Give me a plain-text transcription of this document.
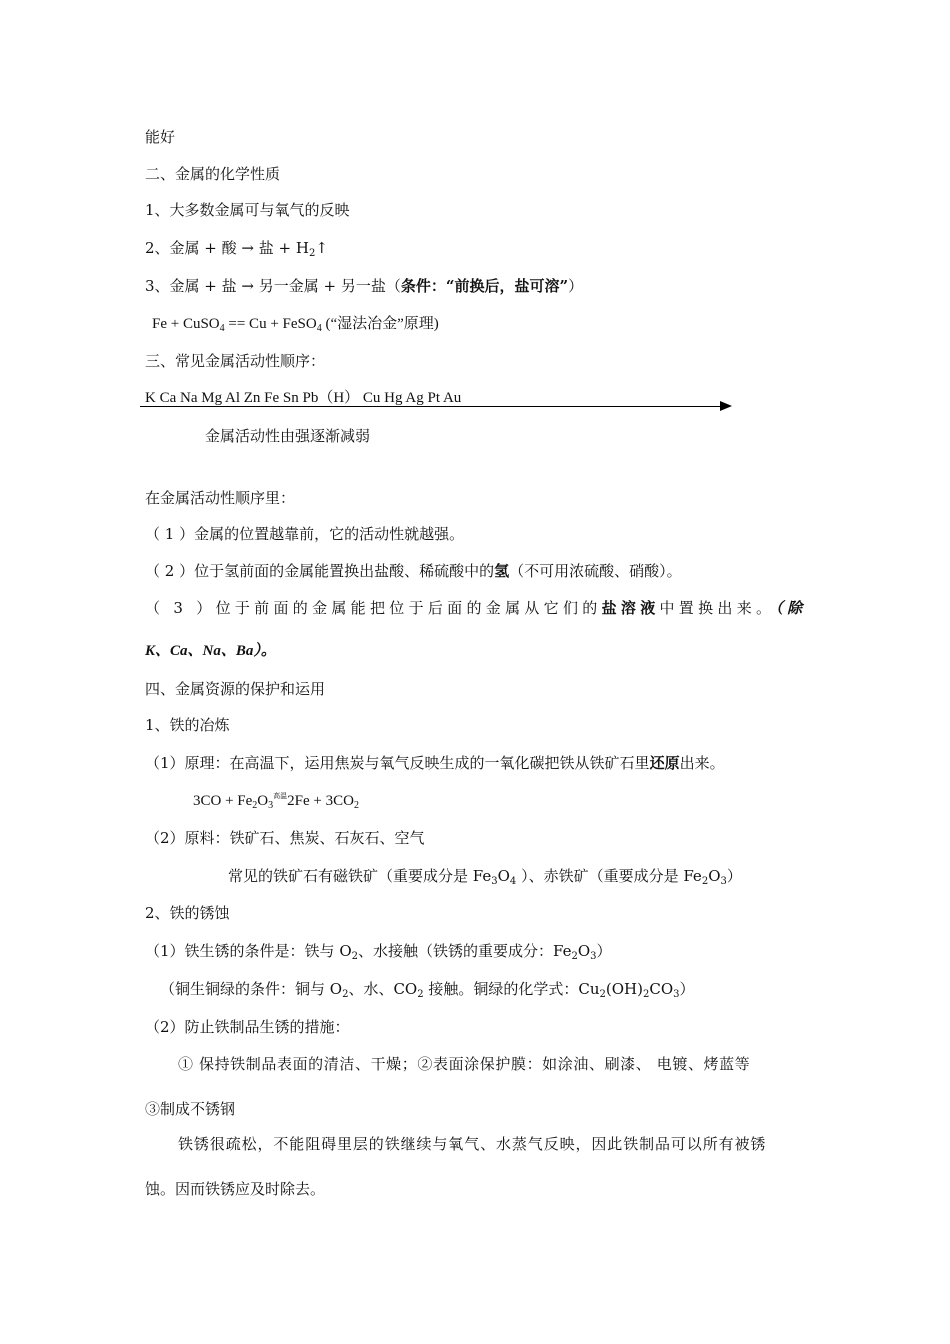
能好
二、金属的化学性质
1、大多数金属可与氧气的反映
2、金属 + 酸 → 盐 + $H_2↑$
3、金属 + 盐 → 另一金属 + 另一盐（条件：“前换后，盐可溶”）
Fe + CuSO$_4$ == Cu + FeSO$_4$ (“湿法冶金”原理)
三、常见金属活动性顺序：
K Ca Na Mg Al Zn Fe Sn Pb（H） Cu Hg Ag Pt Au
金属活动性由强逐渐减弱
在金属活动性顺序里：
（ 1 ）金属的位置越靠前，它的活动性就越强。
（ 2 ）位于氢前面的金属能置换出盐酸、稀硫酸中的氢（不可用浓硫酸、硝酸）。
（ 3 ）位于前面的金属能把位于后面的金属从它们的盐溶液中置换出来。（除
K、Ca、Na、Ba）。
四、金属资源的保护和运用
1、铁的冶炼
（1）原理：在高温下，运用焦炭与氧气反映生成的一氧化碳把铁从铁矿石里还原出来。
$3CO + Fe_2O_3^{高温}2Fe + 3CO_2$
（2）原料：铁矿石、焦炭、石灰石、空气
常见的铁矿石有磁铁矿（重要成分是 $Fe_3O_4$ ）、赤铁矿（重要成分是 $Fe_2O_3$）
2、铁的锈蚀
（1）铁生锈的条件是：铁与 $O_2$、水接触（铁锈的重要成分：$Fe_2O_3$）
（铜生铜绿的条件：铜与 $O_2$、水、$CO_2$ 接触。铜绿的化学式：$Cu_2(OH)_2CO_3$）
（2）防止铁制品生锈的措施：
① 保持铁制品表面的清洁、干燥；②表面涂保护膜：如涂油、刷漆、 电镀、烤蓝等
③制成不锈钢
铁锈很疏松，不能阻碍里层的铁继续与氧气、水蒸气反映，因此铁制品可以所有被锈
蚀。因而铁锈应及时除去。
